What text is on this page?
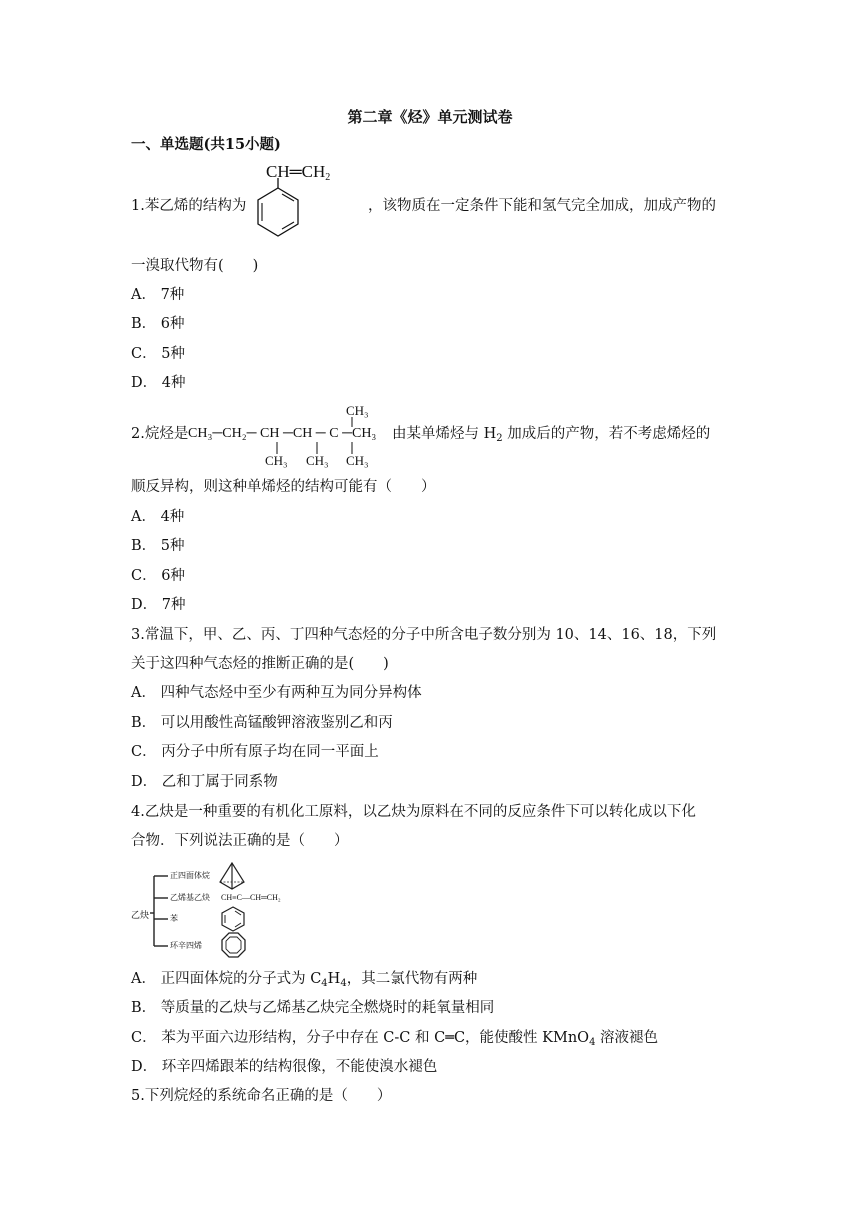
第二章《烃》单元测试卷
一、单选题(共15小题)
$CH═CH_2$
1.苯乙烯的结构为	，该物质在一定条件下能和氢气完全加成，加成产物的
一溴取代物有(　　)
A． 7种
B． 6种
C． 5种
D． 4种
2.烷烃是
CH₃
CH₃─CH₂─ CH ─CH ─ C ─CH₃
CH₃ CH₃ CH₃
由某单烯烃与 $H_2$ 加成后的产物，若不考虑烯烃的
顺反异构，则这种单烯烃的结构可能有（　　）
A． 4种
B． 5种
C． 6种
D． 7种
3.常温下，甲、乙、丙、丁四种气态烃的分子中所含电子数分别为 10、14、16、18，下列
关于这四种气态烃的推断正确的是(　　)
A． 四种气态烃中至少有两种互为同分异构体
B． 可以用酸性高锰酸钾溶液鉴别乙和丙
C． 丙分子中所有原子均在同一平面上
D． 乙和丁属于同系物
4.乙炔是一种重要的有机化工原料，以乙炔为原料在不同的反应条件下可以转化成以下化
合物．下列说法正确的是（　　）
乙炔
正四面体烷
乙烯基乙炔
苯
环辛四烯
CH≡C—CH═CH₂
A． 正四面体烷的分子式为 $C_4H_4$，其二氯代物有两种
B． 等质量的乙炔与乙烯基乙炔完全燃烧时的耗氧量相同
C． 苯为平面六边形结构，分子中存在 C-C 和 C═C，能使酸性 KMnO$_4$ 溶液褪色
D． 环辛四烯跟苯的结构很像，不能使溴水褪色
5.下列烷烃的系统命名正确的是（　　）
